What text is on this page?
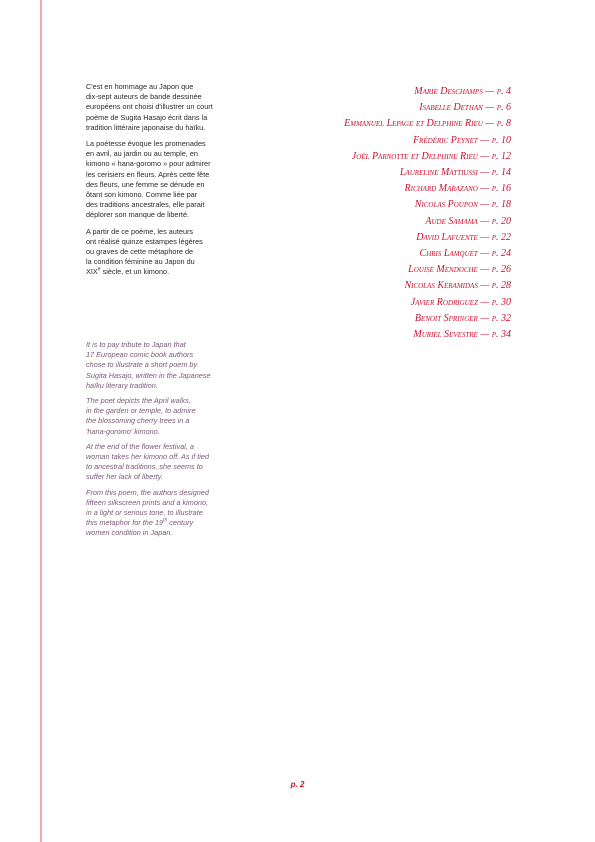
C'est en hommage au Japon que
dix-sept auteurs de bande dessinée
européens ont choisi d'illustrer un court
poème de Sugita Hasajo écrit dans la
tradition littéraire japonaise du haïku.

La poétesse évoque les promenades
en avril, au jardin ou au temple, en
kimono « hana-goromo » pour admirer
les cerisiers en fleurs. Après cette fête
des fleurs, une femme se dénude en
ôtant son kimono. Comme liée par
des traditions ancestrales, elle parait
déplorer son manque de liberté.

A partir de ce poème, les auteurs
ont réalisé quinze estampes légères
ou graves de cette métaphore de
la condition féminine au Japon du
XIXe siècle, et un kimono.

It is to pay tribute to Japan that
17 European comic book authors
chose to illustrate a short poem by
Sugita Hasajo, written in the Japanese
haïku literary tradition.

The poet depicts the April walks,
in the garden or temple, to admire
the blossoming cherry trees in a
'hana-goromo' kimono.

At the end of the flower festival, a
woman takes her kimono off. As if tied
to ancestral traditions, she seems to
suffer her lack of liberty.

From this poem, the authors designed
fifteen silkscreen prints and a kimono,
in a light or serious tone, to illustrate
this metaphor for the 19th century
women condition in Japan.

Marie Deschamps — p. 4
Isabelle Dethan — p. 6
Emmanuel Lepage et Delphine Rieu — p. 8
Frédéric Peynet — p. 10
Joël Parnotte et Delphine Rieu — p. 12
Laureline Mattiussi — p. 14
Richard Marazano — p. 16
Nicolas Poupon — p. 18
Aude Samama — p. 20
David Lafuente — p. 22
Chris Lamquet — p. 24
Louise Mendoche — p. 26
Nicolas Keramidas — p. 28
Javier Rodriguez — p. 30
Benoit Springer — p. 32
Muriel Sevestre — p. 34
p. 2
